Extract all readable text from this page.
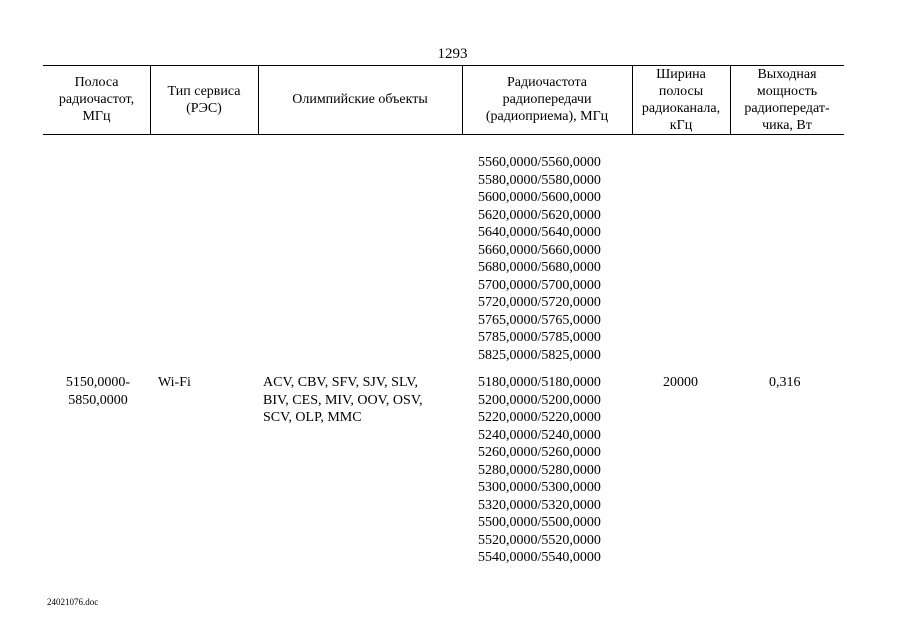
1293
Полоса
радиочастот,
МГц
Тип сервиса
(РЭС)
Олимпийские объекты
Радиочастота
радиопередачи
(радиоприема), МГц
Ширина
полосы
радиоканала,
кГц
Выходная
мощность
радиопередат-
чика, Вт
5560,0000/5560,0000
5580,0000/5580,0000
5600,0000/5600,0000
5620,0000/5620,0000
5640,0000/5640,0000
5660,0000/5660,0000
5680,0000/5680,0000
5700,0000/5700,0000
5720,0000/5720,0000
5765,0000/5765,0000
5785,0000/5785,0000
5825,0000/5825,0000
5150,0000-
5850,0000
Wi-Fi	ACV, CBV, SFV, SJV, SLV,
BIV, CES, MIV, OOV, OSV,
SCV, OLP, MMC
20000	0,316
5180,0000/5180,0000
5200,0000/5200,0000
5220,0000/5220,0000
5240,0000/5240,0000
5260,0000/5260,0000
5280,0000/5280,0000
5300,0000/5300,0000
5320,0000/5320,0000
5500,0000/5500,0000
5520,0000/5520,0000
5540,0000/5540,0000
24021076.doc
